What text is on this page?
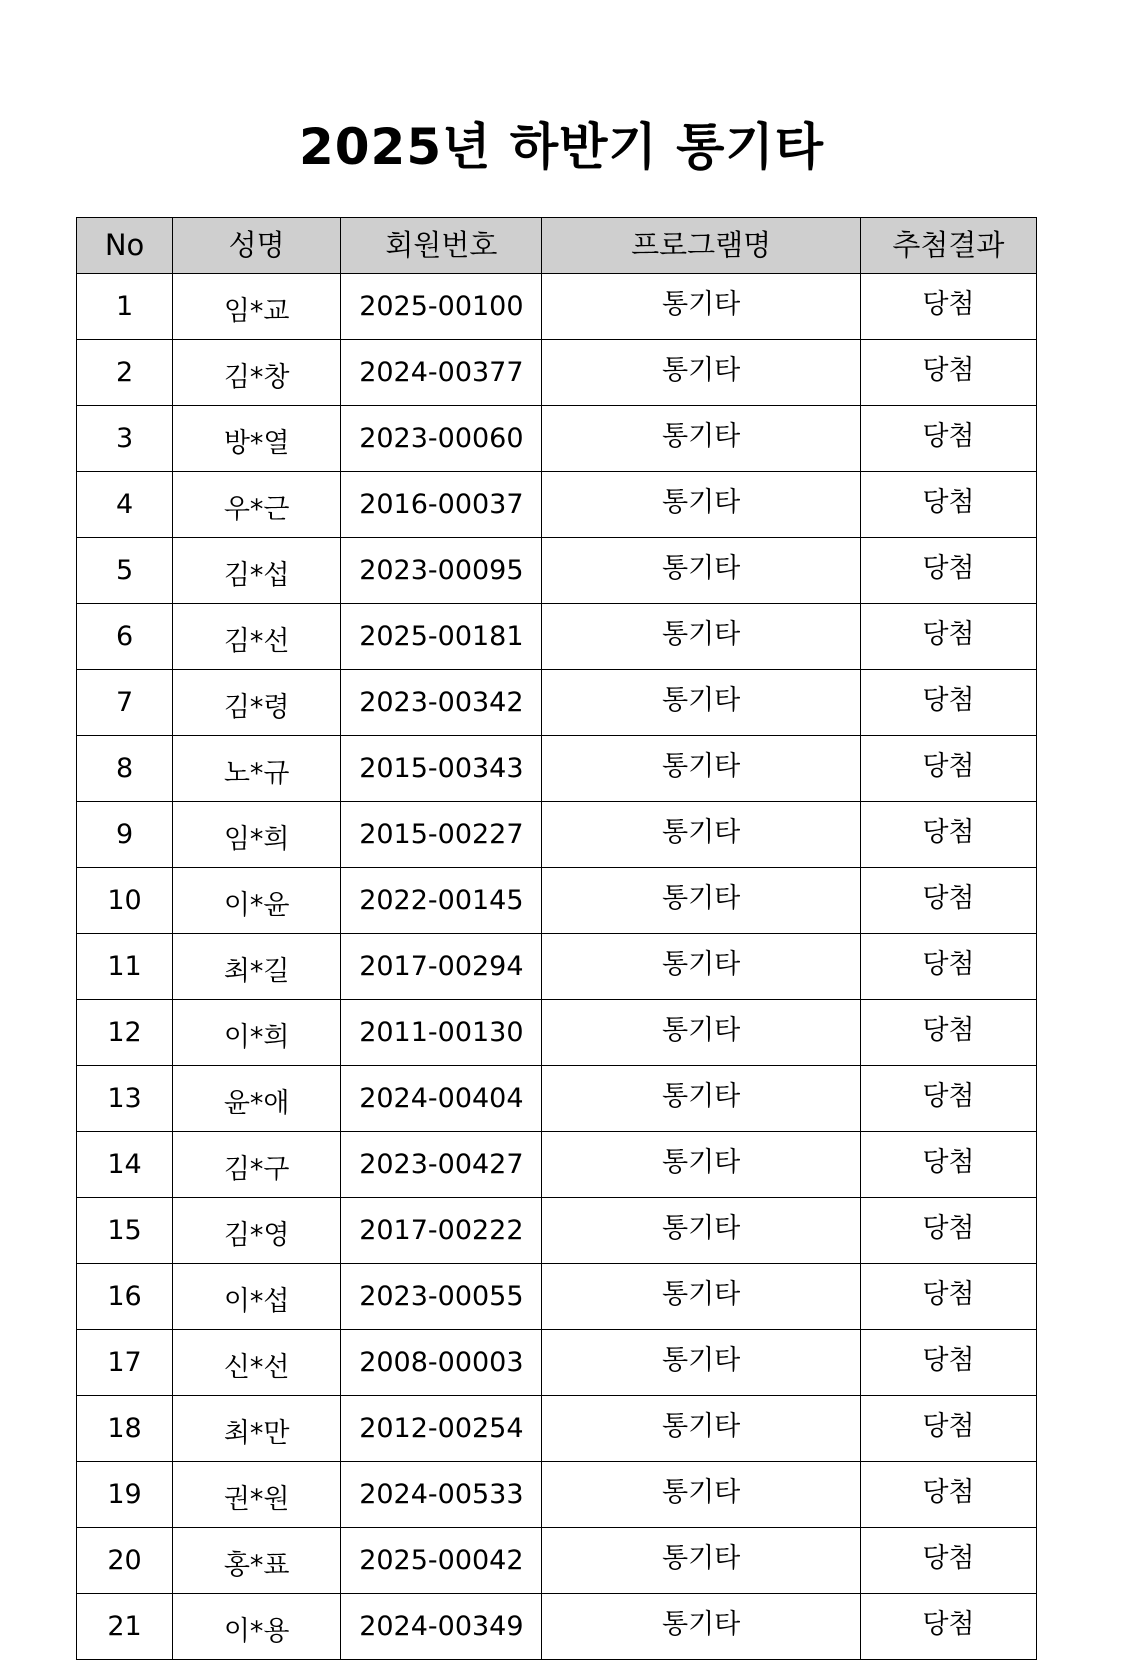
2025년 하반기 통기타
No	성명	회원번호	프로그램명	추첨결과
1	임*교	2025-00100	통기타	당첨
2	김*창	2024-00377	통기타	당첨
3	방*열	2023-00060	통기타	당첨
4	우*근	2016-00037	통기타	당첨
5	김*섭	2023-00095	통기타	당첨
6	김*선	2025-00181	통기타	당첨
7	김*령	2023-00342	통기타	당첨
8	노*규	2015-00343	통기타	당첨
9	임*희	2015-00227	통기타	당첨
10	이*윤	2022-00145	통기타	당첨
11	최*길	2017-00294	통기타	당첨
12	이*희	2011-00130	통기타	당첨
13	윤*애	2024-00404	통기타	당첨
14	김*구	2023-00427	통기타	당첨
15	김*영	2017-00222	통기타	당첨
16	이*섭	2023-00055	통기타	당첨
17	신*선	2008-00003	통기타	당첨
18	최*만	2012-00254	통기타	당첨
19	권*원	2024-00533	통기타	당첨
20	홍*표	2025-00042	통기타	당첨
21	이*용	2024-00349	통기타	당첨
